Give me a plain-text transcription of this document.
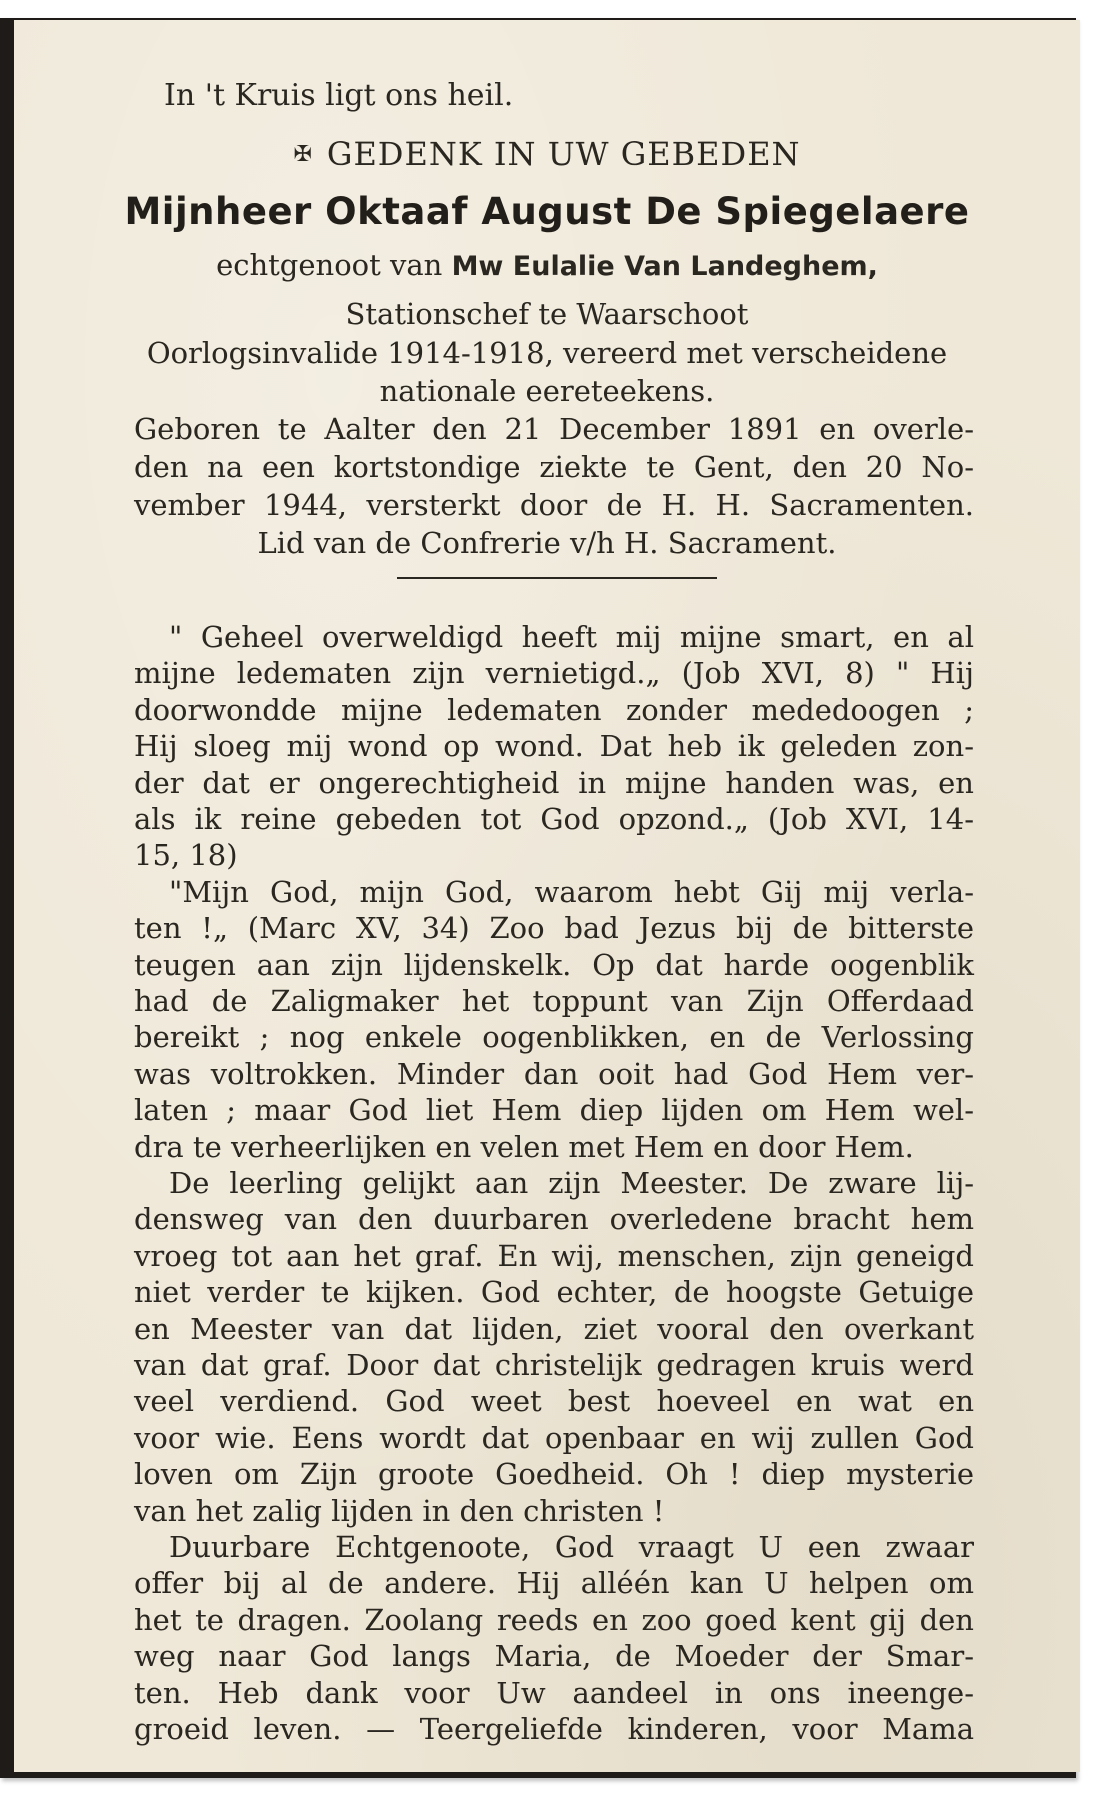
In 't Kruis ligt ons heil.
✠ GEDENK IN UW GEBEDEN
Mijnheer Oktaaf August De Spiegelaere
echtgenoot van Mw Eulalie Van Landeghem,
Stationschef te Waarschoot
Oorlogsinvalide 1914-1918, vereerd met verscheidene
nationale eereteekens.
Geboren te Aalter den 21 December 1891 en overle-
den na een kortstondige ziekte te Gent, den 20 No-
vember 1944, versterkt door de H. H. Sacramenten.
Lid van de Confrerie v/h H. Sacrament.
" Geheel overweldigd heeft mij mijne smart, en al
mijne ledematen zijn vernietigd.„ (Job XVI, 8) " Hij
doorwondde mijne ledematen zonder mededoogen ;
Hij sloeg mij wond op wond. Dat heb ik geleden zon-
der dat er ongerechtigheid in mijne handen was, en
als ik reine gebeden tot God opzond.„ (Job XVI, 14-
15, 18)
"Mijn God, mijn God, waarom hebt Gij mij verla-
ten !„ (Marc XV, 34) Zoo bad Jezus bij de bitterste
teugen aan zijn lijdenskelk. Op dat harde oogenblik
had de Zaligmaker het toppunt van Zijn Offerdaad
bereikt ; nog enkele oogenblikken, en de Verlossing
was voltrokken. Minder dan ooit had God Hem ver-
laten ; maar God liet Hem diep lijden om Hem wel-
dra te verheerlijken en velen met Hem en door Hem.
De leerling gelijkt aan zijn Meester. De zware lij-
densweg van den duurbaren overledene bracht hem
vroeg tot aan het graf. En wij, menschen, zijn geneigd
niet verder te kijken. God echter, de hoogste Getuige
en Meester van dat lijden, ziet vooral den overkant
van dat graf. Door dat christelijk gedragen kruis werd
veel verdiend. God weet best hoeveel en wat en
voor wie. Eens wordt dat openbaar en wij zullen God
loven om Zijn groote Goedheid. Oh ! diep mysterie
van het zalig lijden in den christen !
Duurbare Echtgenoote, God vraagt U een zwaar
offer bij al de andere. Hij alléén kan U helpen om
het te dragen. Zoolang reeds en zoo goed kent gij den
weg naar God langs Maria, de Moeder der Smar-
ten. Heb dank voor Uw aandeel in ons ineenge-
groeid leven. — Teergeliefde kinderen, voor Mama
